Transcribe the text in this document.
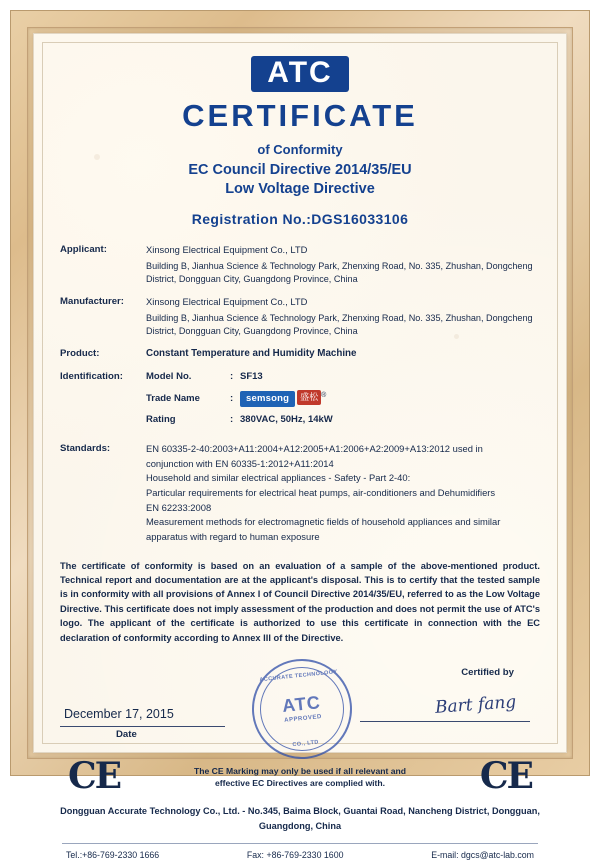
ATC
CERTIFICATE
of Conformity
EC Council Directive 2014/35/EU
Low Voltage Directive
Registration No.:DGS16033106
Applicant:	Xinsong Electrical Equipment Co., LTD
Building B, Jianhua Science & Technology Park, Zhenxing Road, No. 335, Zhushan, Dongcheng District, Dongguan City, Guangdong Province, China
Manufacturer:	Xinsong Electrical Equipment Co., LTD
Building B, Jianhua Science & Technology Park, Zhenxing Road, No. 335, Zhushan, Dongcheng District, Dongguan City, Guangdong Province, China
Product:	Constant Temperature and Humidity Machine
Identification:	Model No.	:	SF13
Trade Name	:	semsong 盛松 ®
Rating	:	380VAC, 50Hz, 14kW
Standards:	EN 60335-2-40:2003+A11:2004+A12:2005+A1:2006+A2:2009+A13:2012 used in
conjunction with EN 60335-1:2012+A11:2014
Household and similar electrical appliances - Safety - Part 2-40:
Particular requirements for electrical heat pumps, air-conditioners and Dehumidifiers
EN 62233:2008
Measurement methods for electromagnetic fields of household appliances and similar
apparatus with regard to human exposure
The certificate of conformity is based on an evaluation of a sample of the above-mentioned product. Technical report and documentation are at the applicant's disposal. This is to certify that the tested sample is in conformity with all provisions of Annex I of Council Directive 2014/35/EU, referred to as the Low Voltage Directive. This certificate does not imply assessment of the production and does not permit the use of ATC's logo. The applicant of the certificate is authorized to use this certificate in connection with the EC declaration of conformity according to Annex III of the Directive.
Certified by
Bart fang
December 17, 2015
Date
ACCURATE TECHNOLOGY
ATC
APPROVED
CO., LTD
CE	The CE Marking may only be used if all relevant and
effective EC Directives are complied with.	CE
Dongguan Accurate Technology Co., Ltd. - No.345, Baima Block, Guantai Road, Nancheng District, Dongguan,
Guangdong, China
Tel.:+86-769-2330 1666	Fax: +86-769-2330 1600	E-mail: dgcs@atc-lab.com
